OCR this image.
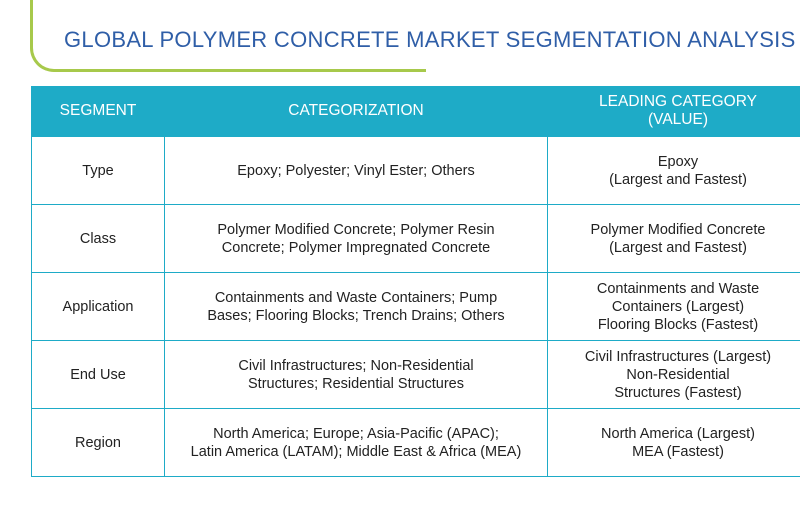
GLOBAL POLYMER CONCRETE MARKET SEGMENTATION ANALYSIS
SEGMENT	CATEGORIZATION	LEADING CATEGORY
(VALUE)

Type	Epoxy; Polyester; Vinyl Ester; Others	Epoxy
(Largest and Fastest)

Class	Polymer Modified Concrete; Polymer Resin
Concrete; Polymer Impregnated Concrete	Polymer Modified Concrete
(Largest and Fastest)

Application	Containments and Waste Containers; Pump
Bases; Flooring Blocks; Trench Drains; Others	Containments and Waste
Containers (Largest)
Flooring Blocks (Fastest)

End Use	Civil Infrastructures; Non-Residential
Structures; Residential Structures	Civil Infrastructures (Largest)
Non-Residential
Structures (Fastest)

Region	North America; Europe; Asia-Pacific (APAC);
Latin America (LATAM); Middle East & Africa (MEA)	North America (Largest)
MEA (Fastest)
